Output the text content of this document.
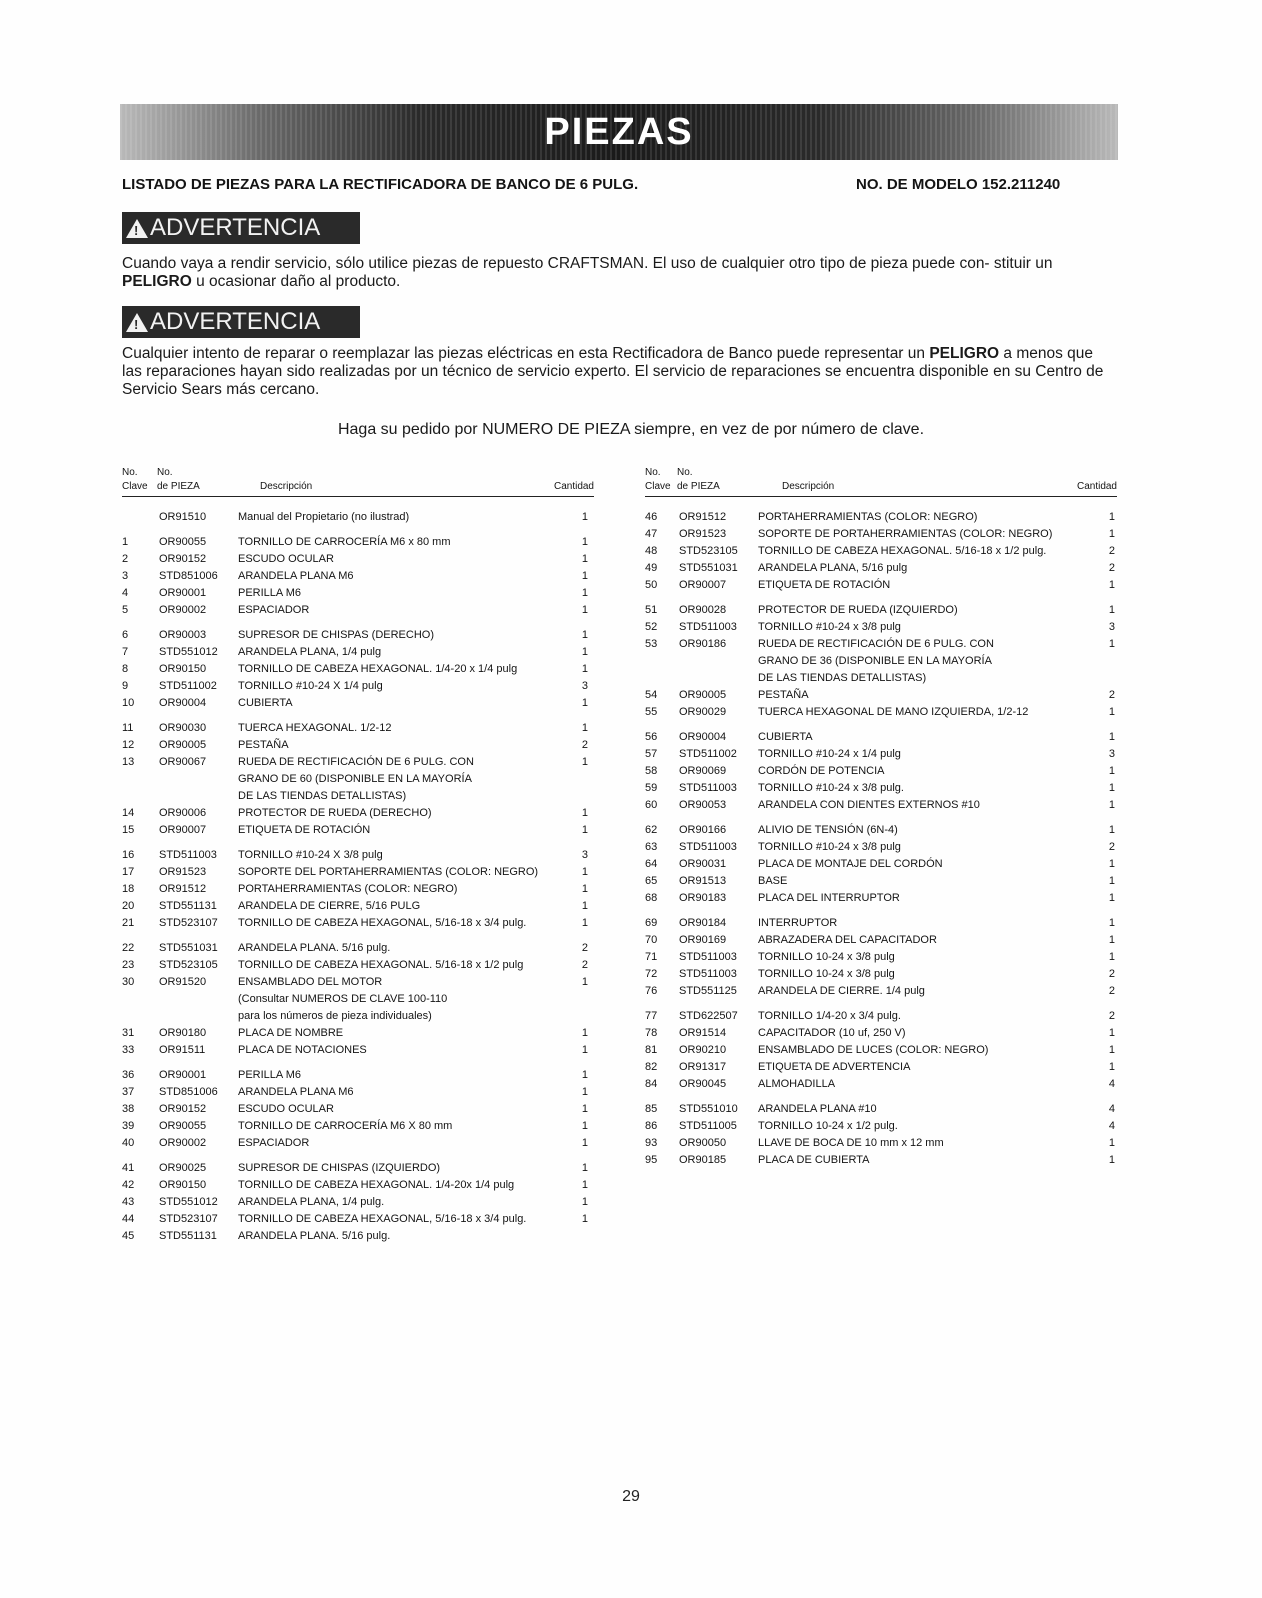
PIEZAS
LISTADO DE PIEZAS PARA LA RECTIFICADORA DE BANCO DE 6 PULG.	NO. DE MODELO 152.211240
! ADVERTENCIA
Cuando vaya a rendir servicio, sólo utilice piezas de repuesto CRAFTSMAN. El uso de cualquier otro tipo de pieza puede con- stituir un PELIGRO u ocasionar daño al producto.
! ADVERTENCIA
Cualquier intento de reparar o reemplazar las piezas eléctricas en esta Rectificadora de Banco puede representar un PELIGRO a menos que las reparaciones hayan sido realizadas por un técnico de servicio experto. El servicio de reparaciones se encuentra disponible en su Centro de Servicio Sears más cercano.
Haga su pedido por NUMERO DE PIEZA siempre, en vez de por número de clave.
No. No.
Clave de PIEZA	Descripción	Cantidad
OR91510	Manual del Propietario (no ilustrad)	1
1	OR90055	TORNILLO DE CARROCERÍA M6 x 80 mm	1
2	OR90152	ESCUDO OCULAR	1
3	STD851006 ARANDELA PLANA M6	1
4	OR90001	PERILLA M6	1
5	OR90002	ESPACIADOR	1
6	OR90003	SUPRESOR DE CHISPAS (DERECHO)	1
7	STD551012 ARANDELA PLANA, 1/4 pulg	1
8	OR90150	TORNILLO DE CABEZA HEXAGONAL. 1/4-20 x 1/4 pulg	1
9	STD511002 TORNILLO #10-24 X 1/4 pulg	3
10 OR90004	CUBIERTA	1
11 OR90030	TUERCA HEXAGONAL. 1/2-12	1
12 OR90005	PESTAÑA	2
13 OR90067	RUEDA DE RECTIFICACIÓN DE 6 PULG. CON	1
GRANO DE 60 (DISPONIBLE EN LA MAYORÍA
DE LAS TIENDAS DETALLISTAS)
14 OR90006	PROTECTOR DE RUEDA (DERECHO)	1
15 OR90007	ETIQUETA DE ROTACIÓN	1
16 STD511003 TORNILLO #10-24 X 3/8 pulg	3
17 OR91523	SOPORTE DEL PORTAHERRAMIENTAS (COLOR: NEGRO)	1
18 OR91512	PORTAHERRAMIENTAS (COLOR: NEGRO)	1
20 STD551131 ARANDELA DE CIERRE, 5/16 PULG	1
21 STD523107 TORNILLO DE CABEZA HEXAGONAL, 5/16-18 x 3/4 pulg.	1
22 STD551031 ARANDELA PLANA. 5/16 pulg.	2
23 STD523105 TORNILLO DE CABEZA HEXAGONAL. 5/16-18 x 1/2 pulg	2
30 OR91520	ENSAMBLADO DEL MOTOR	1
(Consultar NUMEROS DE CLAVE 100-110
para los números de pieza individuales)
31 OR90180	PLACA DE NOMBRE	1
33 OR91511	PLACA DE NOTACIONES	1
36 OR90001	PERILLA M6	1
37 STD851006 ARANDELA PLANA M6	1
38 OR90152	ESCUDO OCULAR	1
39 OR90055	TORNILLO DE CARROCERÍA M6 X 80 mm	1
40 OR90002	ESPACIADOR	1
41 OR90025	SUPRESOR DE CHISPAS (IZQUIERDO)	1
42 OR90150	TORNILLO DE CABEZA HEXAGONAL. 1/4-20x 1/4 pulg	1
43 STD551012 ARANDELA PLANA, 1/4 pulg.	1
44 STD523107 TORNILLO DE CABEZA HEXAGONAL, 5/16-18 x 3/4 pulg.	1
45 STD551131 ARANDELA PLANA. 5/16 pulg.
No. No.
Clave de PIEZA	Descripción	Cantidad
46 OR91512	PORTAHERRAMIENTAS (COLOR: NEGRO)	1
47 OR91523	SOPORTE DE PORTAHERRAMIENTAS (COLOR: NEGRO)	1
48 STD523105 TORNILLO DE CABEZA HEXAGONAL. 5/16-18 x 1/2 pulg.	2
49 STD551031 ARANDELA PLANA, 5/16 pulg	2
50 OR90007	ETIQUETA DE ROTACIÓN	1
51 OR90028	PROTECTOR DE RUEDA (IZQUIERDO)	1
52 STD511003 TORNILLO #10-24 x 3/8 pulg	3
53 OR90186	RUEDA DE RECTIFICACIÓN DE 6 PULG. CON	1
GRANO DE 36 (DISPONIBLE EN LA MAYORÍA
DE LAS TIENDAS DETALLISTAS)
54 OR90005	PESTAÑA	2
55 OR90029	TUERCA HEXAGONAL DE MANO IZQUIERDA, 1/2-12	1
56 OR90004	CUBIERTA	1
57 STD511002 TORNILLO #10-24 x 1/4 pulg	3
58 OR90069	CORDÓN DE POTENCIA	1
59 STD511003 TORNILLO #10-24 x 3/8 pulg.	1
60 OR90053	ARANDELA CON DIENTES EXTERNOS #10	1
62 OR90166	ALIVIO DE TENSIÓN (6N-4)	1
63 STD511003 TORNILLO #10-24 x 3/8 pulg	2
64 OR90031	PLACA DE MONTAJE DEL CORDÓN	1
65 OR91513	BASE	1
68 OR90183	PLACA DEL INTERRUPTOR	1
69 OR90184	INTERRUPTOR	1
70 OR90169	ABRAZADERA DEL CAPACITADOR	1
71 STD511003 TORNILLO 10-24 x 3/8 pulg	1
72 STD511003 TORNILLO 10-24 x 3/8 pulg	2
76 STD551125 ARANDELA DE CIERRE. 1/4 pulg	2
77 STD622507 TORNILLO 1/4-20 x 3/4 pulg.	2
78 OR91514	CAPACITADOR (10 uf, 250 V)	1
81 OR90210	ENSAMBLADO DE LUCES (COLOR: NEGRO)	1
82 OR91317	ETIQUETA DE ADVERTENCIA	1
84 OR90045	ALMOHADILLA	4
85 STD551010 ARANDELA PLANA #10	4
86 STD511005 TORNILLO 10-24 x 1/2 pulg.	4
93 OR90050	LLAVE DE BOCA DE 10 mm x 12 mm	1
95 OR90185	PLACA DE CUBIERTA	1
29
